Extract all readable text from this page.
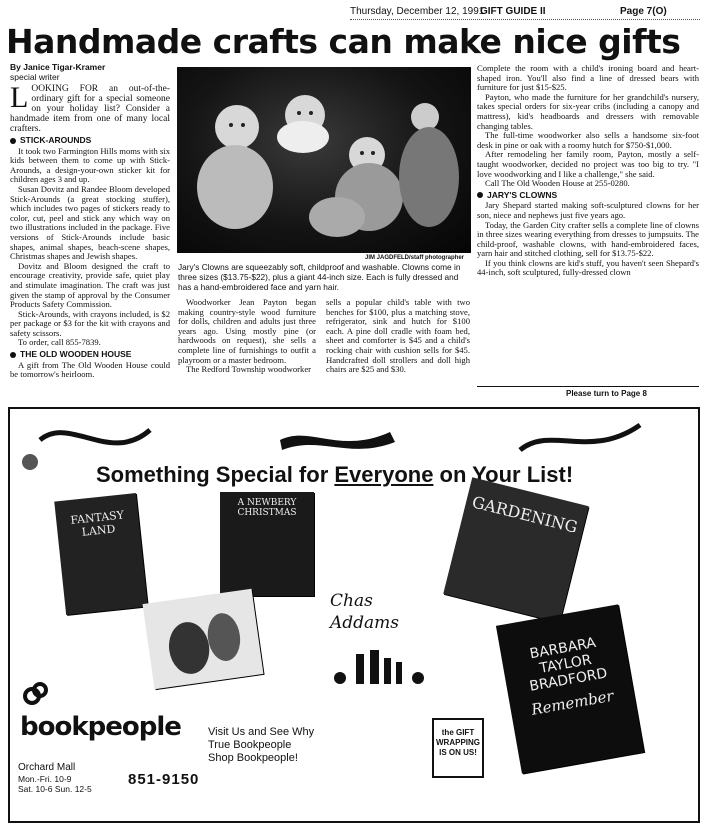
Thursday, December 12, 1991
GIFT GUIDE II	Page 7(O)
Handmade crafts can make nice gifts
By Janice Tigar-Kramer
special writer

LOOKING FOR an out-of-the-ordinary gift for a special someone on your holiday list? Consider a handmade item from one of many local crafters.

STICK-AROUNDS

It took two Farmington Hills moms with six kids between them to come up with Stick-Arounds, a design-your-own sticker kit for children ages 3 and up.

Susan Dovitz and Randee Bloom developed Stick-Arounds (a great stocking stuffer), which includes two pages of stickers ready to color, cut, peel and stick any which way on two illustrations included in the package. Five versions of Stick-Arounds include basic shapes, animal shapes, beach-scene shapes, Christmas shapes and Jewish shapes.

Dovitz and Bloom designed the craft to encourage creativity, provide safe, quiet play and stimulate imagination. The craft was just given the stamp of approval by the Consumer Products Safety Commission.

Stick-Arounds, with crayons included, is $2 per package or $3 for the kit with crayons and safety scissors.

To order, call 855-7839.

THE OLD WOODEN HOUSE

A gift from The Old Wooden House could be tomorrow's heirloom.

JIM JAGDFELD/staff photographer
Jary's Clowns are squeezably soft, childproof and washable. Clowns come in three sizes ($13.75-$22), plus a giant 44-inch size. Each is fully dressed and has a hand-embroidered face and yarn hair.

Woodworker Jean Payton began making country-style wood furniture for dolls, children and adults just three years ago. Using mostly pine (or hardwoods on request), she sells a complete line of furnishings to outfit a playroom or a master bedroom.

The Redford Township woodworker

sells a popular child's table with two benches for $100, plus a matching stove, refrigerator, sink and hutch for $100 each. A pine doll cradle with foam bed, sheet and comforter is $45 and a child's rocking chair with cushion sells for $45. Handcrafted doll strollers and doll high chairs are $25 and $30.

Complete the room with a child's ironing board and heart-shaped iron. You'll also find a line of dressed bears with furniture for just $15-$25.

Payton, who made the furniture for her grandchild's nursery, takes special orders for six-year cribs (including a canopy and mattress), kid's headboards and dressers with removable changing tables.

The full-time woodworker also sells a handsome six-foot desk in pine or oak with a roomy hutch for $750-$1,000.

After remodeling her family room, Payton, mostly a self-taught woodworker, decided no project was too big to try. "I love woodworking and I like a challenge," she said.

Call The Old Wooden House at 255-0280.

JARY'S CLOWNS

Jary Shepard started making soft-sculptured clowns for her son, niece and nephews just five years ago.

Today, the Garden City crafter sells a complete line of clowns in three sizes wearing everything from dresses to jumpsuits. The child-proof, washable clowns, with hand-embroidered faces, yarn hair and stitched clothing, sell for $13.75-$22.

If you think clowns are kid's stuff, you haven't seen Shepard's 44-inch, soft sculptured, fully-dressed clown

Please turn to Page 8
Something Special for Everyone on Your List!
FANTASY LAND
A NEWBERY CHRISTMAS	GARDENING
BARBARA TAYLOR BRADFORD
Remember
Chas Addams
bookpeople Visit Us and See Why
True Bookpeople
Shop Bookpeople!
Orchard Mall
Mon.-Fri. 10-9
Sat. 10-6 Sun. 12-5
851-9150
the GIFT WRAPPING IS ON US!
